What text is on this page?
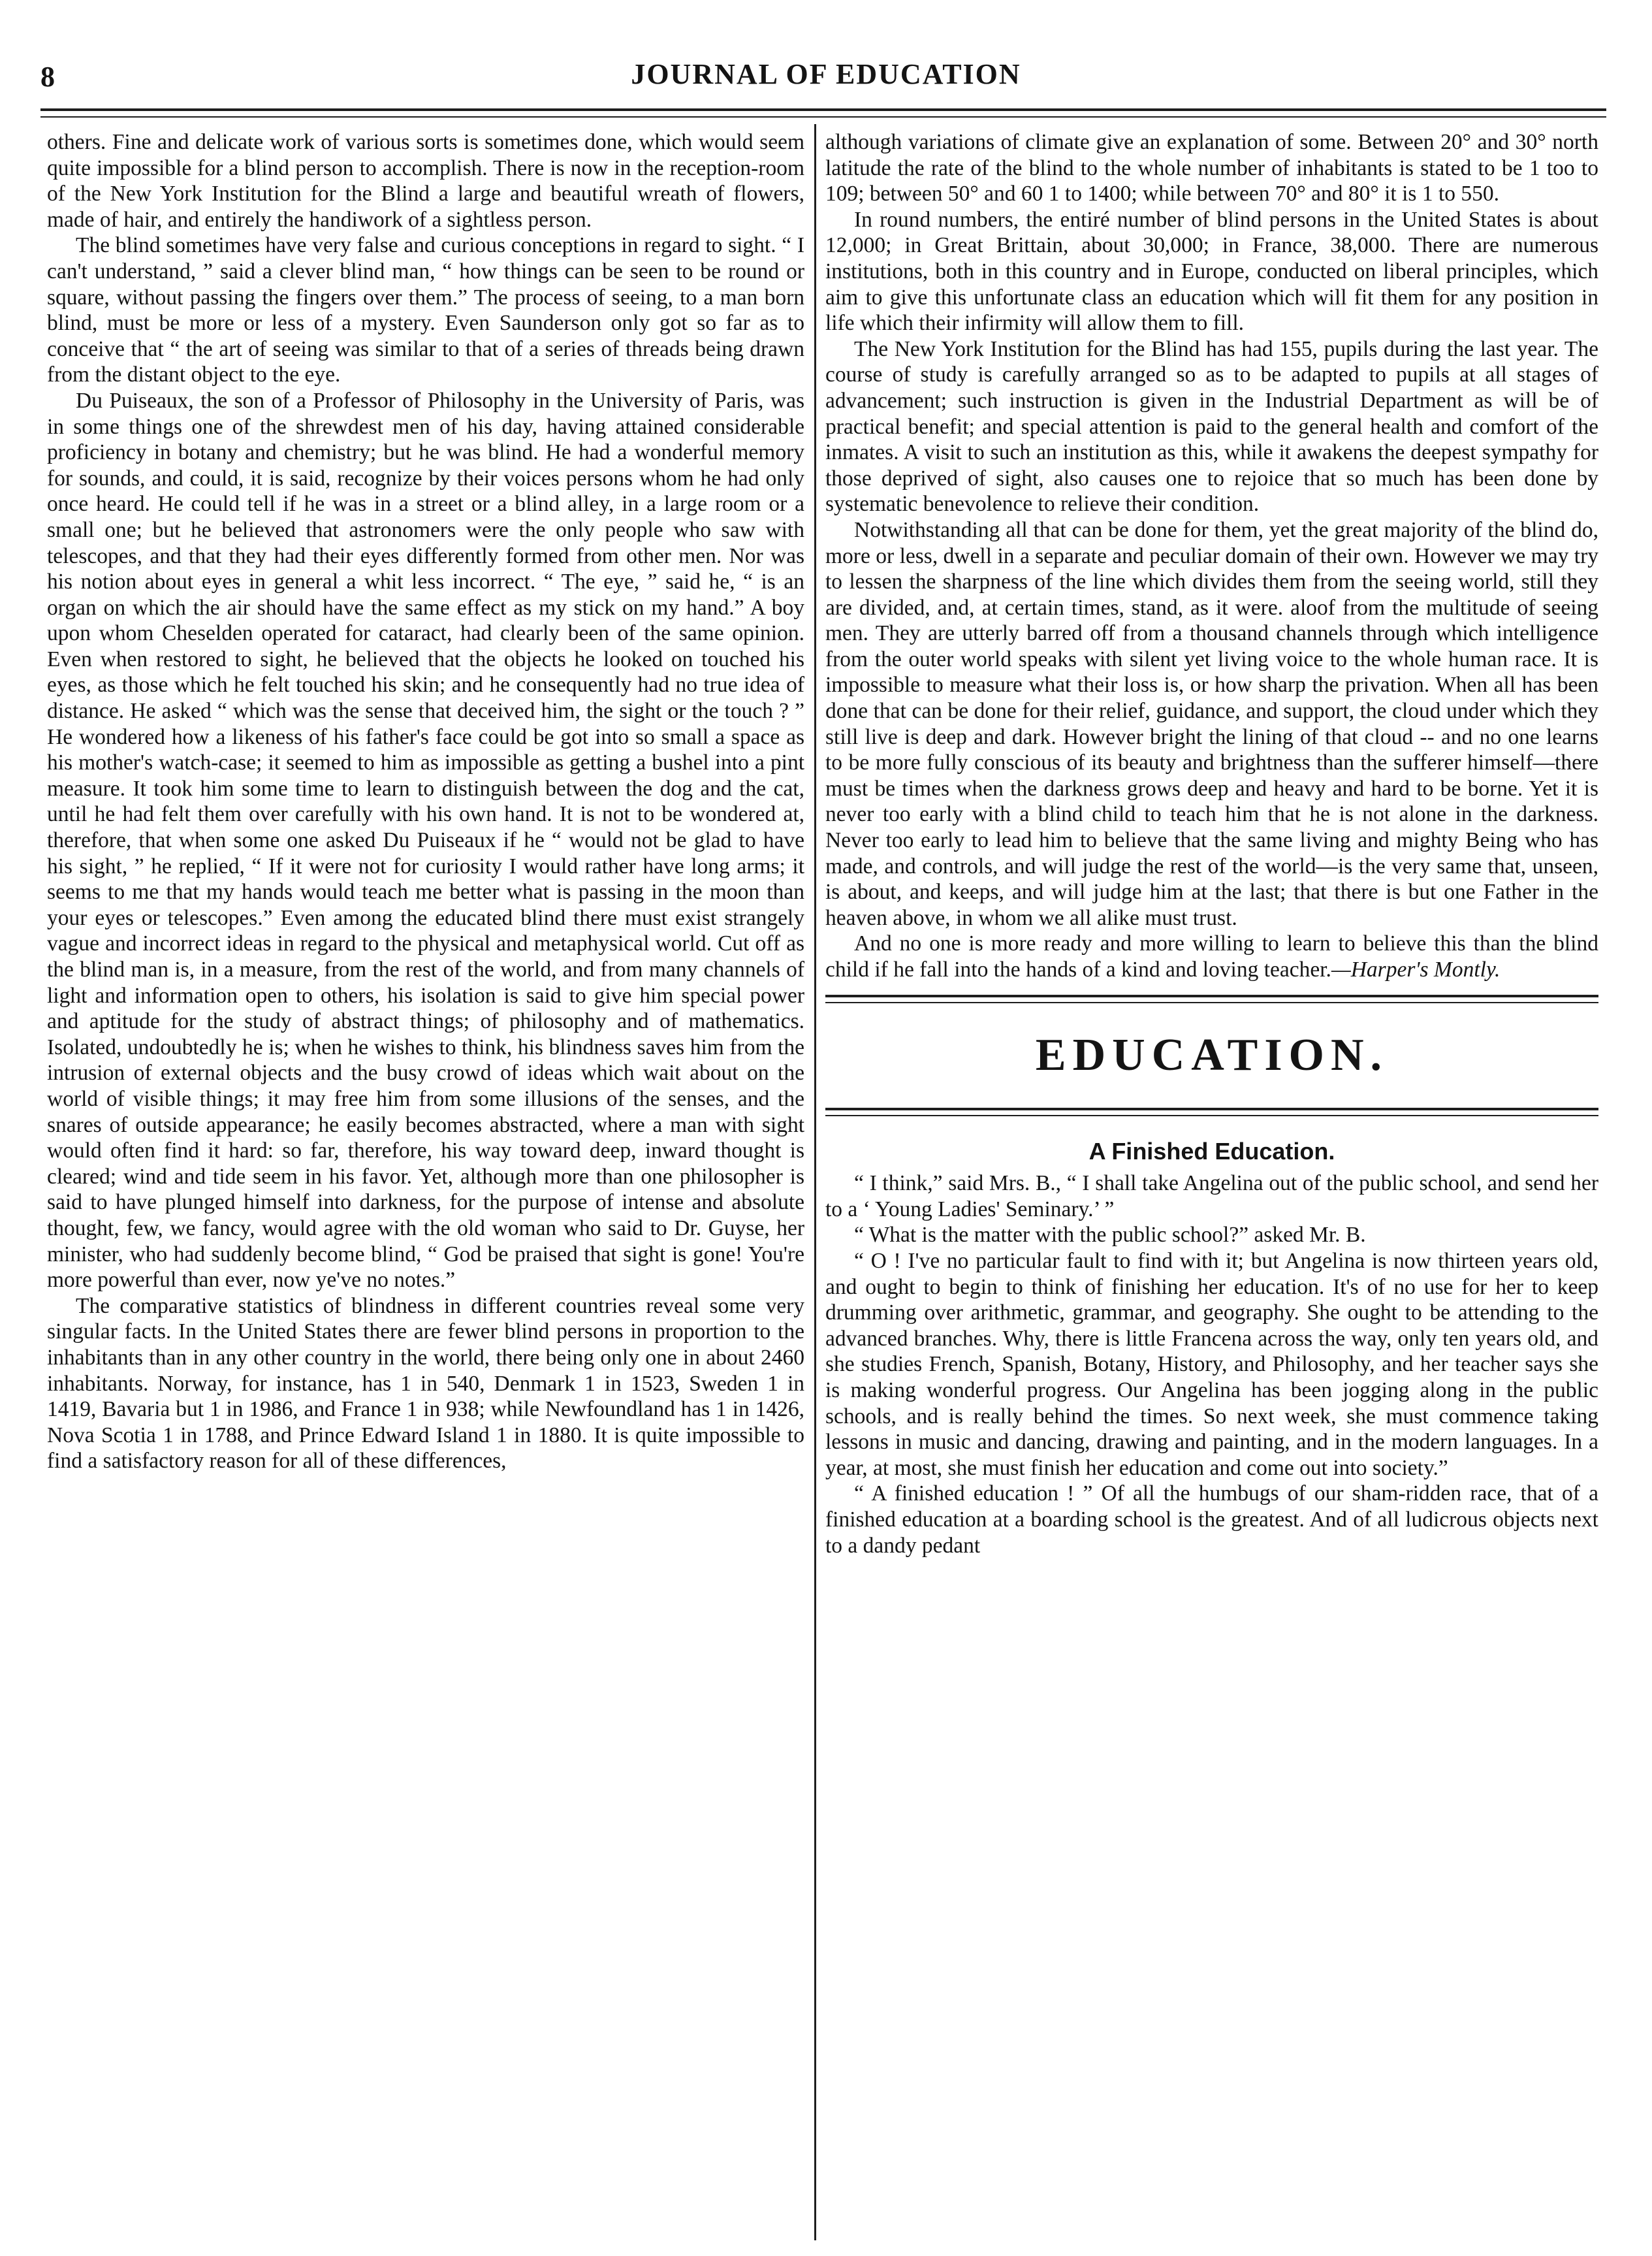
8	JOURNAL OF EDUCATION

others. Fine and delicate work of various sorts is sometimes done, which would seem quite impossible for a blind person to accomplish. There is now in the reception-room of the New York Institution for the Blind a large and beautiful wreath of flowers, made of hair, and entirely the handiwork of a sightless person.

The blind sometimes have very false and curious conceptions in regard to sight. “ I can't understand, ” said a clever blind man, “ how things can be seen to be round or square, without passing the fingers over them.” The process of seeing, to a man born blind, must be more or less of a mystery. Even Saunderson only got so far as to conceive that “ the art of seeing was similar to that of a series of threads being drawn from the distant object to the eye.

Du Puiseaux, the son of a Professor of Philosophy in the University of Paris, was in some things one of the shrewdest men of his day, having attained considerable proficiency in botany and chemistry; but he was blind. He had a wonderful memory for sounds, and could, it is said, recognize by their voices persons whom he had only once heard. He could tell if he was in a street or a blind alley, in a large room or a small one; but he believed that astronomers were the only people who saw with telescopes, and that they had their eyes differently formed from other men. Nor was his notion about eyes in general a whit less incorrect. “ The eye, ” said he, “ is an organ on which the air should have the same effect as my stick on my hand.” A boy upon whom Cheselden operated for cataract, had clearly been of the same opinion. Even when restored to sight, he believed that the objects he looked on touched his eyes, as those which he felt touched his skin; and he consequently had no true idea of distance. He asked “ which was the sense that deceived him, the sight or the touch ? ” He wondered how a likeness of his father's face could be got into so small a space as his mother's watch-case; it seemed to him as impossible as getting a bushel into a pint measure. It took him some time to learn to distinguish between the dog and the cat, until he had felt them over carefully with his own hand. It is not to be wondered at, therefore, that when some one asked Du Puiseaux if he “ would not be glad to have his sight, ” he replied, “ If it were not for curiosity I would rather have long arms; it seems to me that my hands would teach me better what is passing in the moon than your eyes or telescopes.” Even among the educated blind there must exist strangely vague and incorrect ideas in regard to the physical and metaphysical world. Cut off as the blind man is, in a measure, from the rest of the world, and from many channels of light and information open to others, his isolation is said to give him special power and aptitude for the study of abstract things; of philosophy and of mathematics. Isolated, undoubtedly he is; when he wishes to think, his blindness saves him from the intrusion of external objects and the busy crowd of ideas which wait about on the world of visible things; it may free him from some illusions of the senses, and the snares of outside appearance; he easily becomes abstracted, where a man with sight would often find it hard: so far, therefore, his way toward deep, inward thought is cleared; wind and tide seem in his favor. Yet, although more than one philosopher is said to have plunged himself into darkness, for the purpose of intense and absolute thought, few, we fancy, would agree with the old woman who said to Dr. Guyse, her minister, who had suddenly become blind, “ God be praised that sight is gone! You're more powerful than ever, now ye've no notes.”

The comparative statistics of blindness in different countries reveal some very singular facts. In the United States there are fewer blind persons in proportion to the inhabitants than in any other country in the world, there being only one in about 2460 inhabitants. Norway, for instance, has 1 in 540, Denmark 1 in 1523, Sweden 1 in 1419, Bavaria but 1 in 1986, and France 1 in 938; while Newfoundland has 1 in 1426, Nova Scotia 1 in 1788, and Prince Edward Island 1 in 1880. It is quite impossible to find a satisfactory reason for all of these differences,

although variations of climate give an explanation of some. Between 20° and 30° north latitude the rate of the blind to the whole number of inhabitants is stated to be 1 too to 109; between 50° and 60 1 to 1400; while between 70° and 80° it is 1 to 550.

In round numbers, the entiré number of blind persons in the United States is about 12,000; in Great Brittain, about 30,000; in France, 38,000. There are numerous institutions, both in this country and in Europe, conducted on liberal principles, which aim to give this unfortunate class an education which will fit them for any position in life which their infirmity will allow them to fill.

The New York Institution for the Blind has had 155, pupils during the last year. The course of study is carefully arranged so as to be adapted to pupils at all stages of advancement; such instruction is given in the Industrial Department as will be of practical benefit; and special attention is paid to the general health and comfort of the inmates. A visit to such an institution as this, while it awakens the deepest sympathy for those deprived of sight, also causes one to rejoice that so much has been done by systematic benevolence to relieve their condition.

Notwithstanding all that can be done for them, yet the great majority of the blind do, more or less, dwell in a separate and peculiar domain of their own. However we may try to lessen the sharpness of the line which divides them from the seeing world, still they are divided, and, at certain times, stand, as it were. aloof from the multitude of seeing men. They are utterly barred off from a thousand channels through which intelligence from the outer world speaks with silent yet living voice to the whole human race. It is impossible to measure what their loss is, or how sharp the privation. When all has been done that can be done for their relief, guidance, and support, the cloud under which they still live is deep and dark. However bright the lining of that cloud -- and no one learns to be more fully conscious of its beauty and brightness than the sufferer himself—there must be times when the darkness grows deep and heavy and hard to be borne. Yet it is never too early with a blind child to teach him that he is not alone in the darkness. Never too early to lead him to believe that the same living and mighty Being who has made, and controls, and will judge the rest of the world—is the very same that, unseen, is about, and keeps, and will judge him at the last; that there is but one Father in the heaven above, in whom we all alike must trust.

And no one is more ready and more willing to learn to believe this than the blind child if he fall into the hands of a kind and loving teacher.—Harper's Montly.

EDUCATION.
A Finished Education.

“ I think,” said Mrs. B., “ I shall take Angelina out of the public school, and send her to a ‘ Young Ladies' Seminary.’ ”

“ What is the matter with the public school?” asked Mr. B.

“ O ! I've no particular fault to find with it; but Angelina is now thirteen years old, and ought to begin to think of finishing her education. It's of no use for her to keep drumming over arithmetic, grammar, and geography. She ought to be attending to the advanced branches. Why, there is little Francena across the way, only ten years old, and she studies French, Spanish, Botany, History, and Philosophy, and her teacher says she is making wonderful progress. Our Angelina has been jogging along in the public schools, and is really behind the times. So next week, she must commence taking lessons in music and dancing, drawing and painting, and in the modern languages. In a year, at most, she must finish her education and come out into society.”

“ A finished education ! ” Of all the humbugs of our sham-ridden race, that of a finished education at a boarding school is the greatest. And of all ludicrous objects next to a dandy pedant
